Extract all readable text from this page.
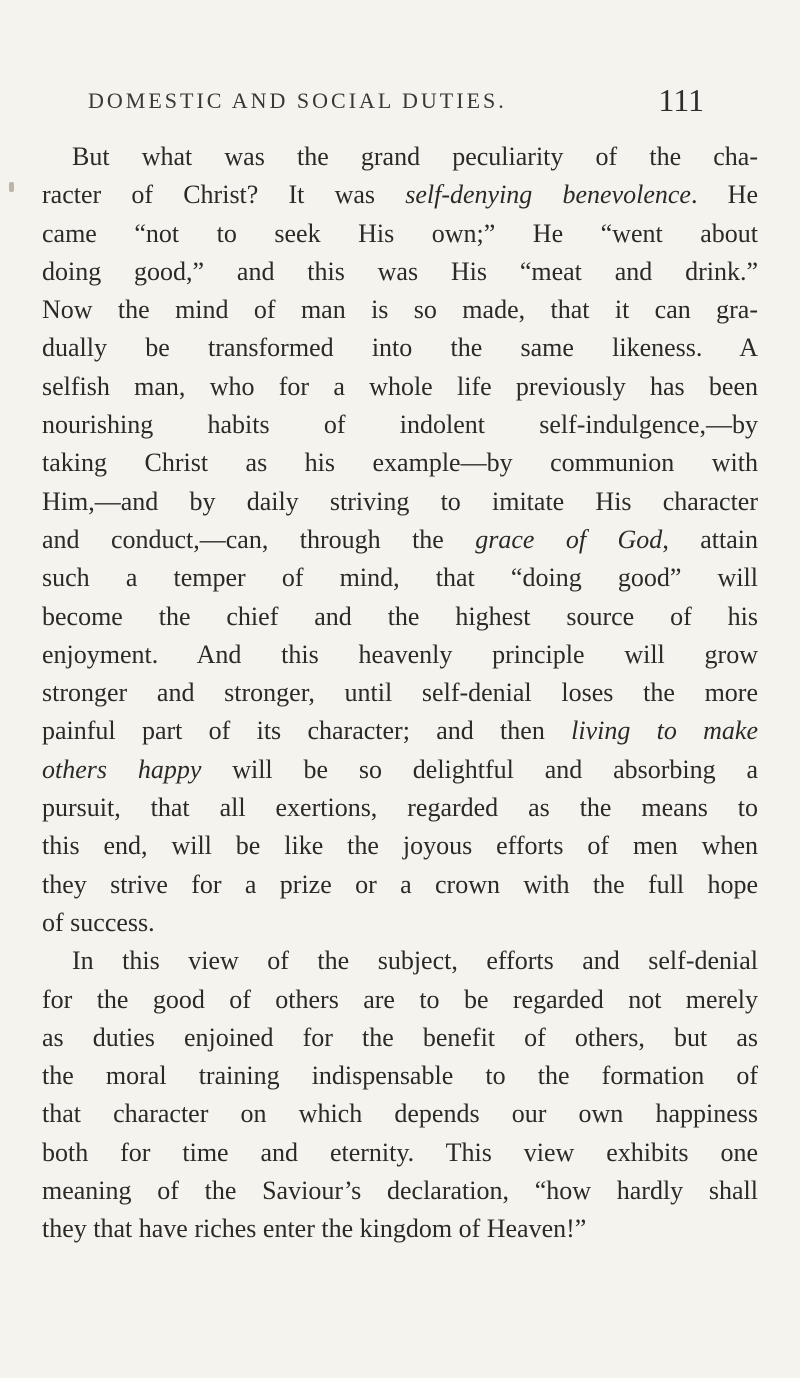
DOMESTIC AND SOCIAL DUTIES.	111
But what was the grand peculiarity of the cha-
racter of Christ? It was self-denying benevolence. He
came “not to seek His own;” He “went about
doing good,” and this was His “meat and drink.”
Now the mind of man is so made, that it can gra-
dually be transformed into the same likeness. A
selfish man, who for a whole life previously has been
nourishing habits of indolent self-indulgence,—by
taking Christ as his example—by communion with
Him,—and by daily striving to imitate His character
and conduct,—can, through the grace of God, attain
such a temper of mind, that “doing good” will
become the chief and the highest source of his
enjoyment. And this heavenly principle will grow
stronger and stronger, until self-denial loses the more
painful part of its character; and then living to make
others happy will be so delightful and absorbing a
pursuit, that all exertions, regarded as the means to
this end, will be like the joyous efforts of men when
they strive for a prize or a crown with the full hope
of success.
In this view of the subject, efforts and self-denial
for the good of others are to be regarded not merely
as duties enjoined for the benefit of others, but as
the moral training indispensable to the formation of
that character on which depends our own happiness
both for time and eternity. This view exhibits one
meaning of the Saviour’s declaration, “how hardly shall
they that have riches enter the kingdom of Heaven!”
